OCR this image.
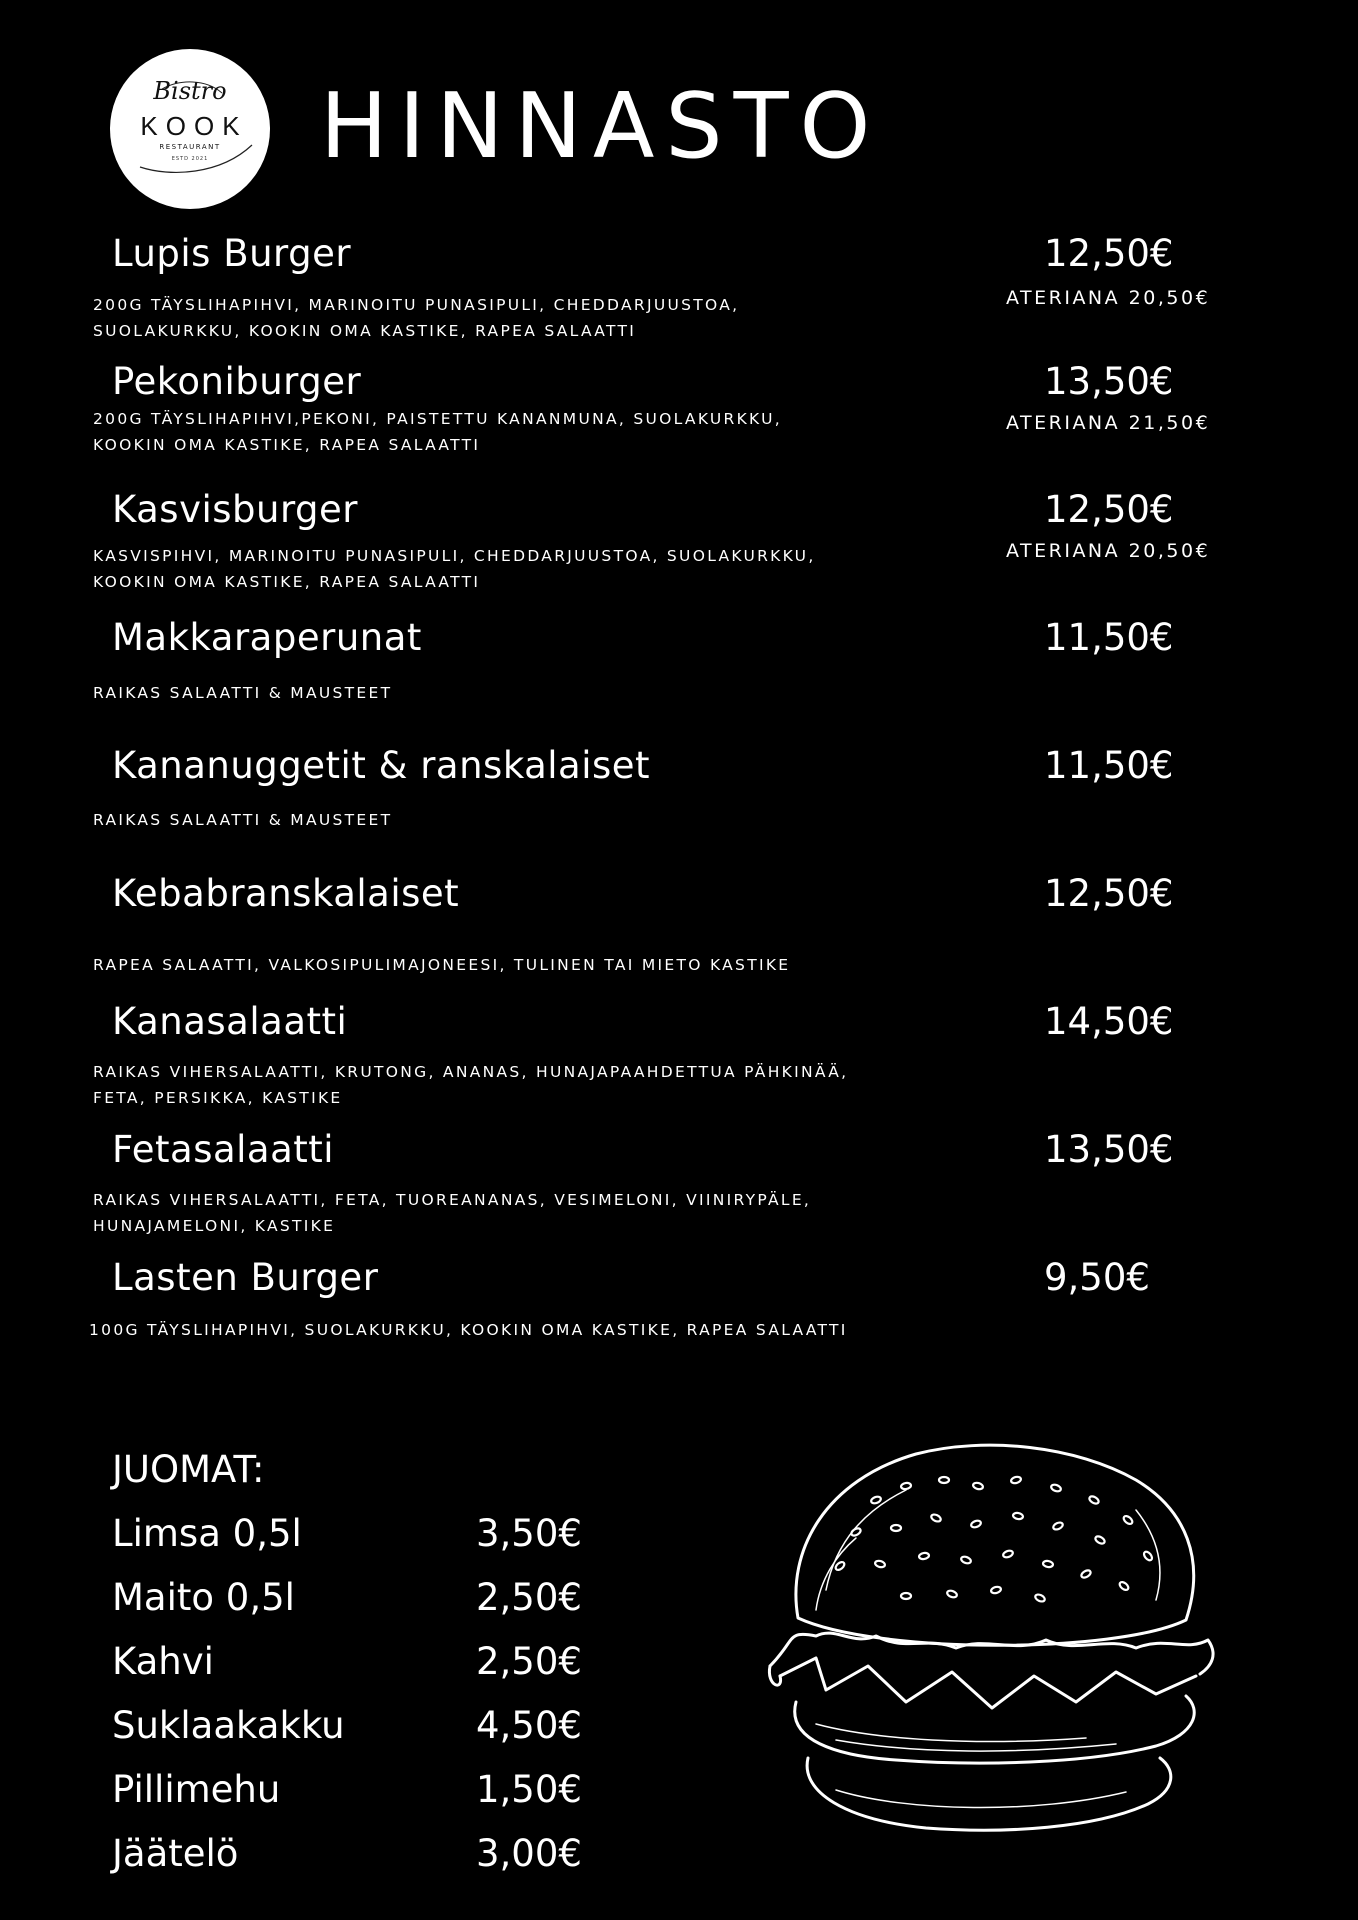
Bistro
KOOK
RESTAURANT
ESTD 2021	HINNASTO
Lupis Burger	12,50€
ATERIANA 20,50€
200G TÄYSLIHAPIHVI, MARINOITU PUNASIPULI, CHEDDARJUUSTOA,
SUOLAKURKKU, KOOKIN OMA KASTIKE, RAPEA SALAATTI
Pekoniburger	13,50€
ATERIANA 21,50€
200G TÄYSLIHAPIHVI,PEKONI, PAISTETTU KANANMUNA, SUOLAKURKKU,
KOOKIN OMA KASTIKE, RAPEA SALAATTI
Kasvisburger	12,50€
ATERIANA 20,50€
KASVISPIHVI, MARINOITU PUNASIPULI, CHEDDARJUUSTOA, SUOLAKURKKU,
KOOKIN OMA KASTIKE, RAPEA SALAATTI
Makkaraperunat	11,50€
RAIKAS SALAATTI & MAUSTEET
Kananuggetit & ranskalaiset	11,50€
RAIKAS SALAATTI & MAUSTEET
Kebabranskalaiset	12,50€
RAPEA SALAATTI, VALKOSIPULIMAJONEESI, TULINEN TAI MIETO KASTIKE
Kanasalaatti	14,50€
RAIKAS VIHERSALAATTI, KRUTONG, ANANAS, HUNAJAPAAHDETTUA PÄHKINÄÄ,
FETA, PERSIKKA, KASTIKE
Fetasalaatti	13,50€
RAIKAS VIHERSALAATTI, FETA, TUOREANANAS, VESIMELONI, VIINIRYPÄLE,
HUNAJAMELONI, KASTIKE
Lasten Burger	9,50€
100G TÄYSLIHAPIHVI, SUOLAKURKKU, KOOKIN OMA KASTIKE, RAPEA SALAATTI
JUOMAT:
Limsa 0,5l	3,50€
Maito 0,5l	2,50€
Kahvi	2,50€
Suklaakakku	4,50€
Pillimehu	1,50€
Jäätelö	3,00€
